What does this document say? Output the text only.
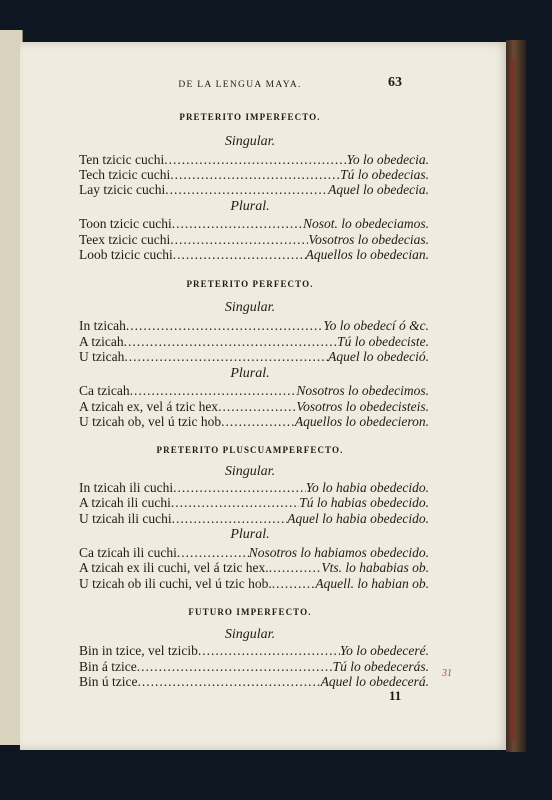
DE LA LENGUA MAYA.	63
PRETERITO IMPERFECTO.
Singular.
Ten tzicic cuchi .....	Yo lo obedecia.
Tech tzicic cuchi .....	Tú lo obedecias.
Lay tzicic cuchi .....	Aquel lo obedecia.
Plural.
Toon tzicic cuchi .....	Nosot. lo obedeciamos.
Teex tzicic cuchi .....	Vosotros lo obedecias.
Loob tzicic cuchi .....	Aquellos lo obedecian.
PRETERITO PERFECTO.
Singular.
In tzicah .....	Yo lo obedecí ó &c.
A tzicah .....	Tú lo obedeciste.
U tzicah .....	Aquel lo obedeció.
Plural.
Ca tzicah .....	Nosotros lo obedecimos.
A tzicah ex, vel á tzic hex .....	Vosotros lo obedecisteis.
U tzicah ob, vel ú tzic hob .....	Aquellos lo obedecieron.
PRETERITO PLUSCUAMPERFECTO.
Singular.
In tzicah ili cuchi .....	Yo lo habia obedecido.
A tzicah ili cuchi .....	Tú lo habias obedecido.
U tzicah ili cuchi .....	Aquel lo habia obedecido.
Plural.
Ca tzicah ili cuchi .....	Nosotros lo habiamos obedecido.
A tzicah ex ili cuchi, vel á tzic hex. .....	Vts. lo hababias ob.
U tzicah ob ili cuchi, vel ú tzic hob. .....	Aquell. lo habian ob.
FUTURO IMPERFECTO.
Singular.
Bin in tzice, vel tzicib .....	Yo lo obedeceré.
Bin á tzice .....	Tú lo obedecerás.
Bin ú tzice .....	Aquel lo obedecerá.
31
11
